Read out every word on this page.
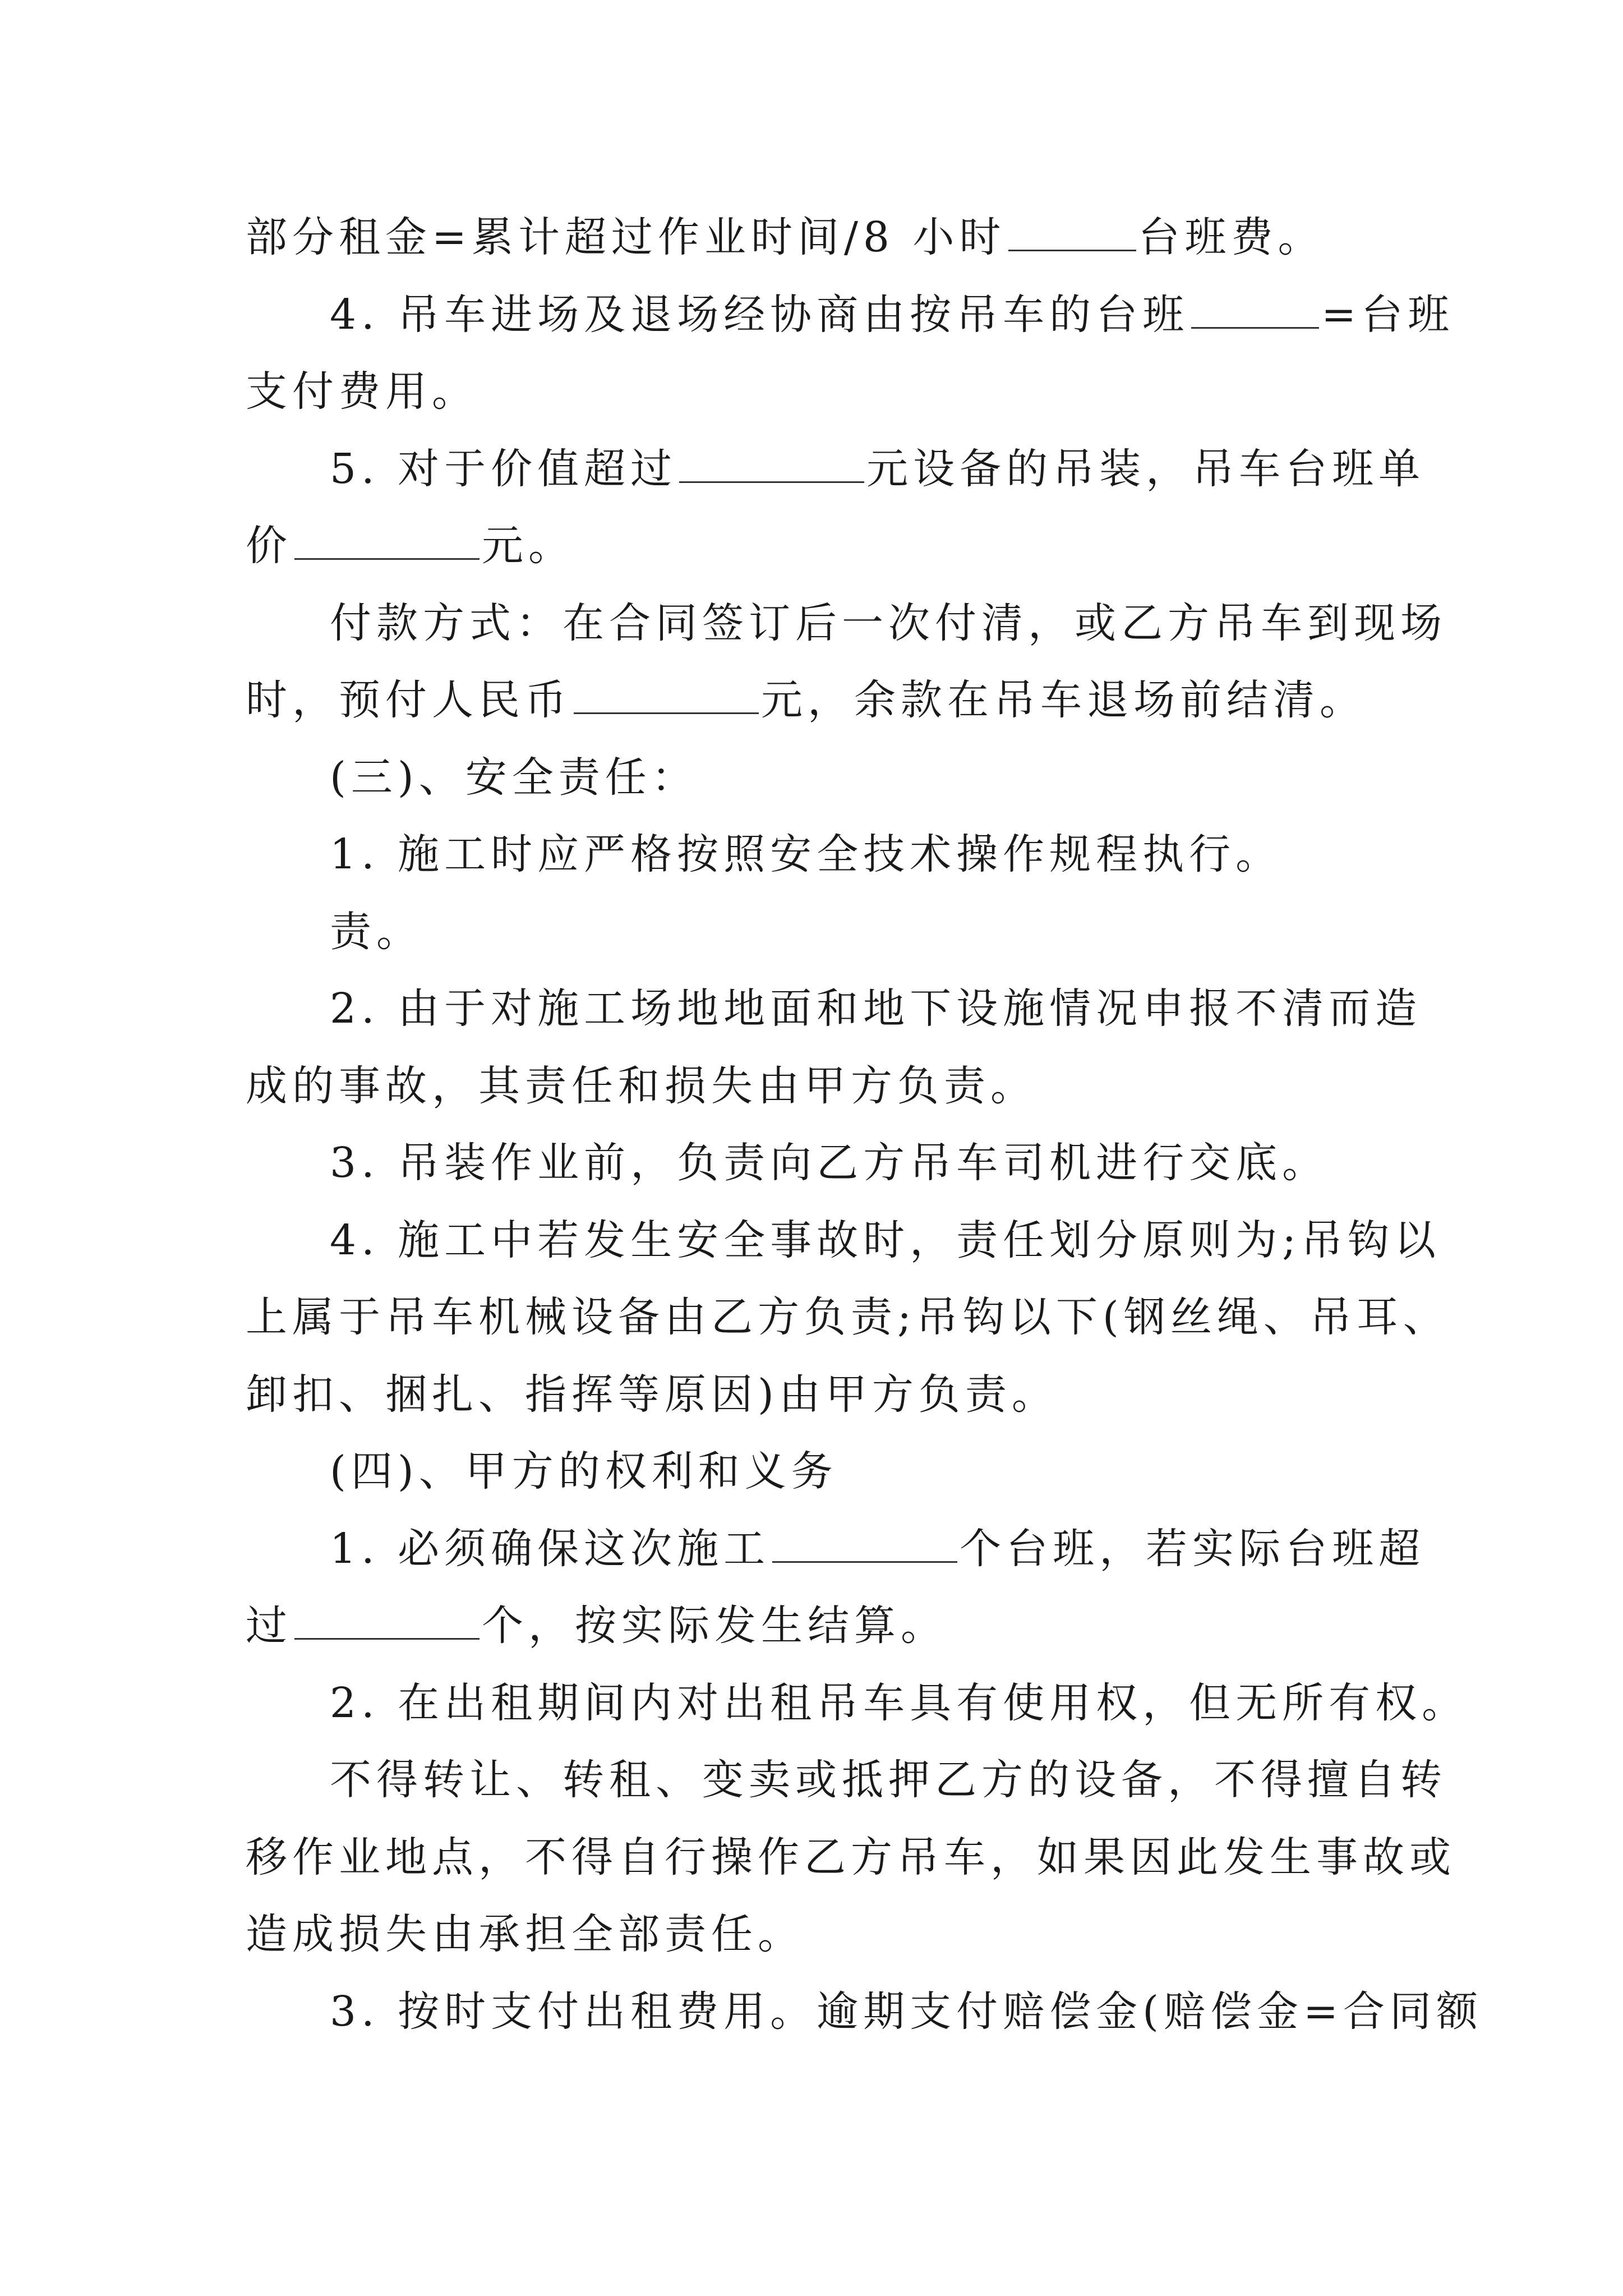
部分租金=累计超过作业时间/8 小时	台班费。
4. 吊车进场及退场经协商由按吊车的台班	=台班
支付费用。
5. 对于价值超过	元设备的吊装，吊车台班单
价	元。
付款方式：在合同签订后一次付清，或乙方吊车到现场
时，预付人民币	元，余款在吊车退场前结清。
(三)、安全责任：
1. 施工时应严格按照安全技术操作规程执行。
责。
2. 由于对施工场地地面和地下设施情况申报不清而造
成的事故，其责任和损失由甲方负责。
3. 吊装作业前，负责向乙方吊车司机进行交底。
4. 施工中若发生安全事故时，责任划分原则为;吊钩以
上属于吊车机械设备由乙方负责;吊钩以下(钢丝绳、吊耳、
卸扣、捆扎、指挥等原因)由甲方负责。
(四)、甲方的权利和义务
1. 必须确保这次施工	个台班，若实际台班超
过	个，按实际发生结算。
2. 在出租期间内对出租吊车具有使用权，但无所有权。
不得转让、转租、变卖或抵押乙方的设备，不得擅自转
移作业地点，不得自行操作乙方吊车，如果因此发生事故或
造成损失由承担全部责任。
3. 按时支付出租费用。逾期支付赔偿金(赔偿金=合同额
